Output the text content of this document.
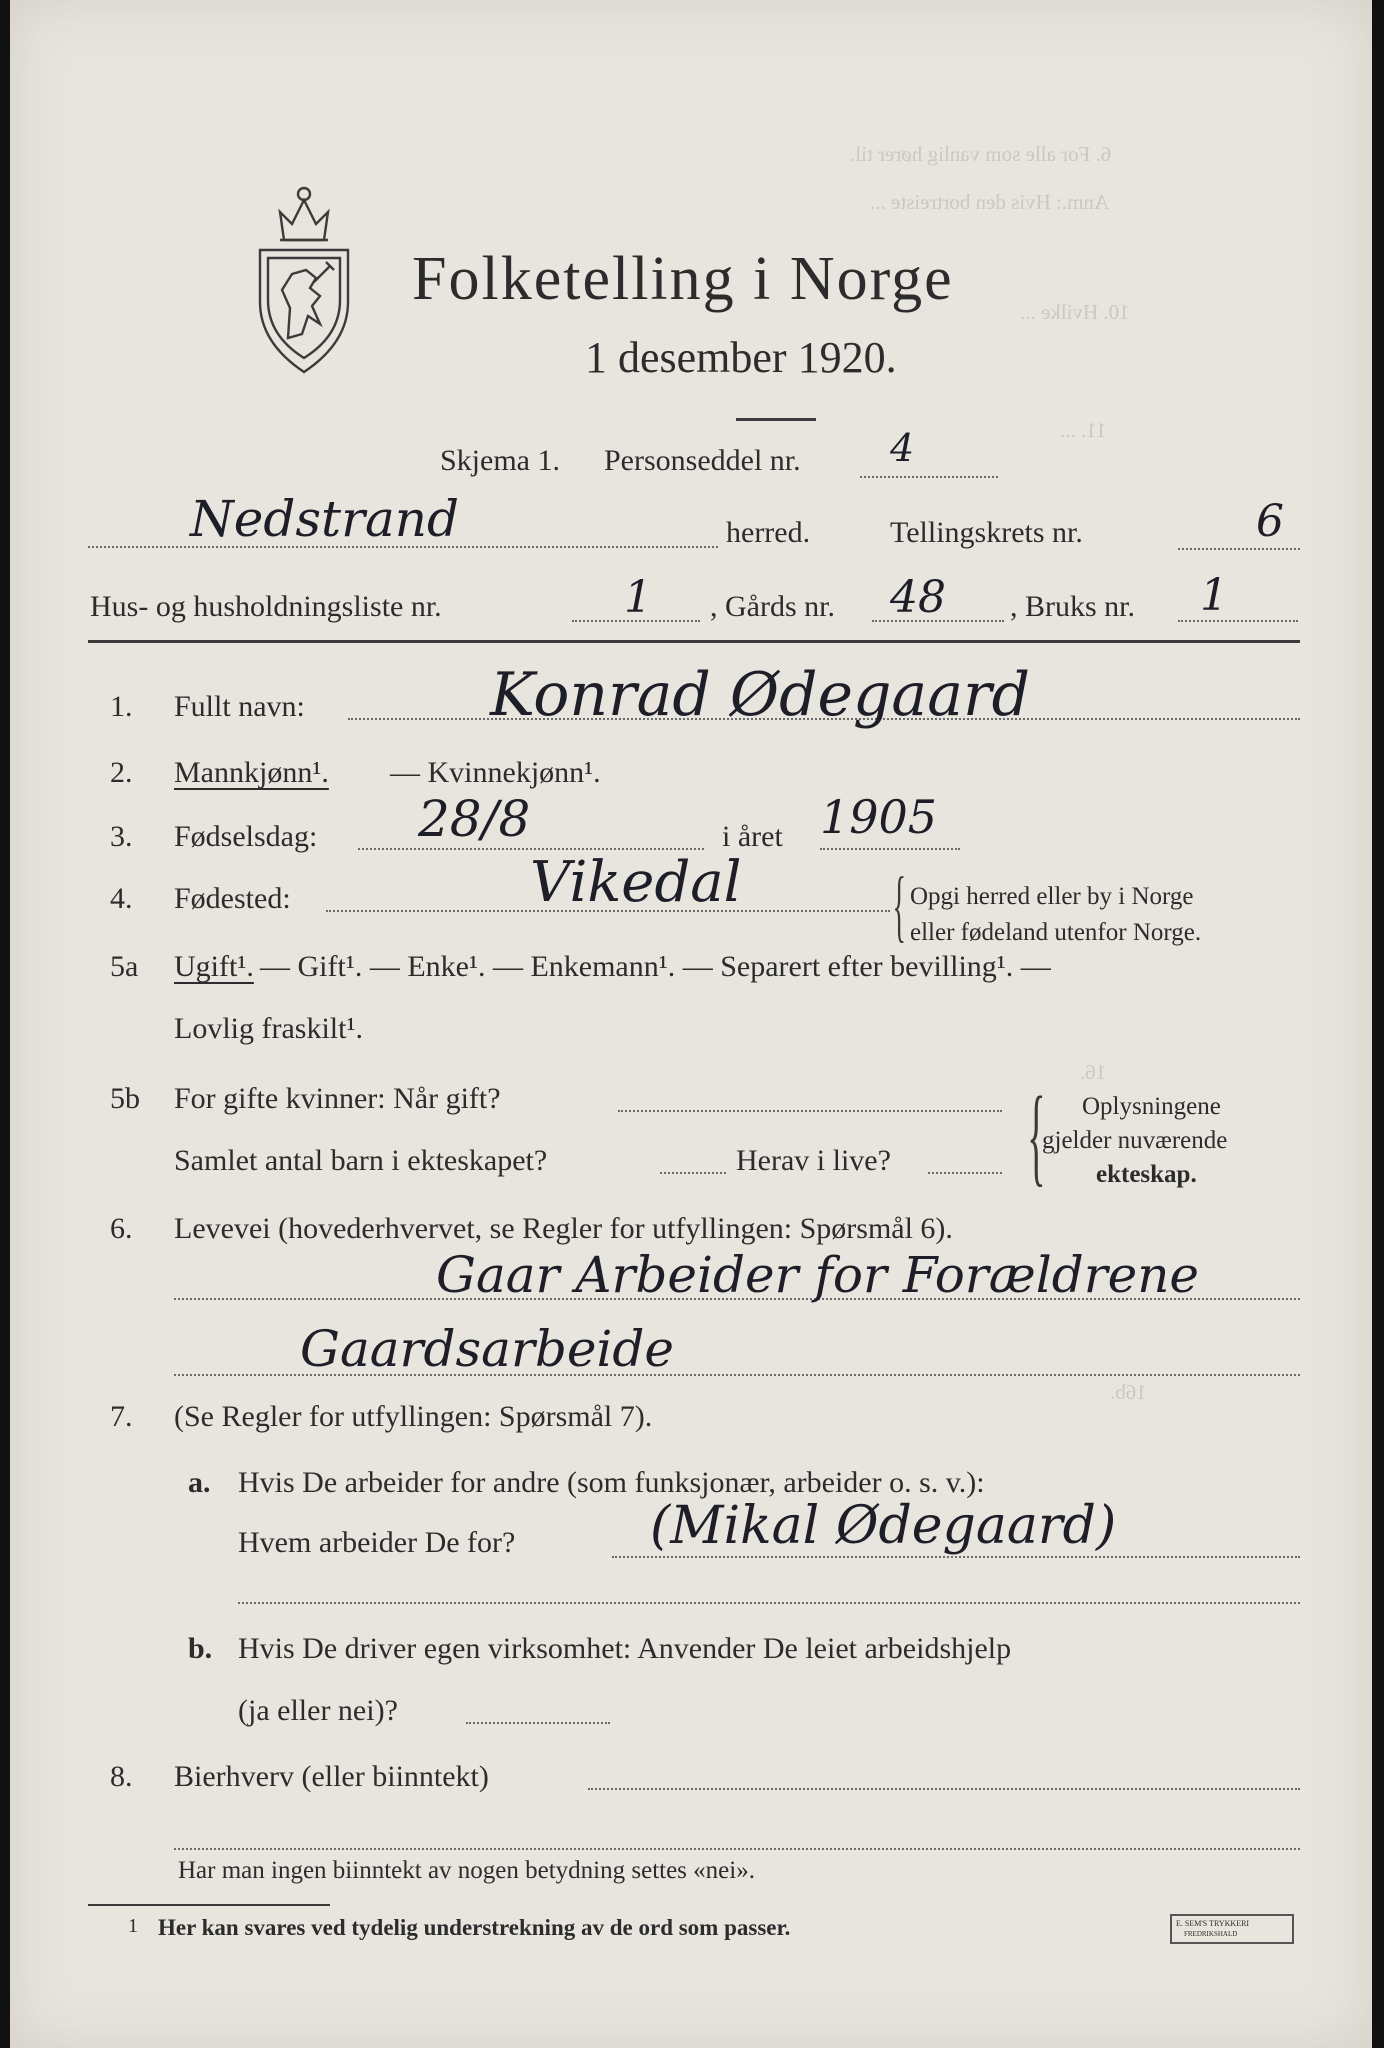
6. For alle som vanlig hører til.
Anm.: Hvis den bortreiste ...
10. Hvilke ...
11. ...
16.
16b.
Folketelling i Norge
1 desember 1920.
Skjema 1. Personseddel nr. 4
Nedstrand	herred.	Tellingskrets nr.	6
Hus- og husholdningsliste nr.	1 , Gårds nr. 48 , Bruks nr. 1
1. Fullt navn:	Konrad Ødegaard
2. Mannkjønn¹. — Kvinnekjønn¹.
3. Fødselsdag: 28/8	i året 1905
4. Fødested:	Vikedal { Opgi herred eller by i Norge
eller fødeland utenfor Norge.
5a Ugift¹. — Gift¹. — Enke¹. — Enkemann¹. — Separert efter bevilling¹. —
Lovlig fraskilt¹.
5b For gifte kvinner: Når gift?
Samlet antal barn i ekteskapet?	Herav i live? { Oplysningene
gjelder nuværende
ekteskap.
6. Levevei (hovederhvervet, se Regler for utfyllingen: Spørsmål 6).
Gaar Arbeider for Forældrene
Gaardsarbeide
7. (Se Regler for utfyllingen: Spørsmål 7).
a. Hvis De arbeider for andre (som funksjonær, arbeider o. s. v.):
Hvem arbeider De for?	(Mikal Ødegaard)
b. Hvis De driver egen virksomhet: Anvender De leiet arbeidshjelp
(ja eller nei)?
8. Bierhverv (eller biinntekt)
Har man ingen biinntekt av nogen betydning settes «nei».
1 Her kan svares ved tydelig understrekning av de ord som passer.	E. SEM'S TRYKKERI
FREDRIKSHALD
